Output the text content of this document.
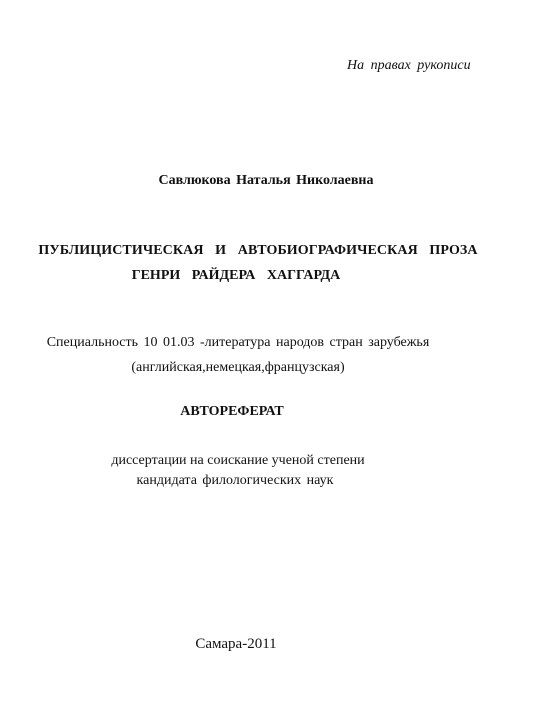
На правах рукописи
Савлюкова Наталья Николаевна
ПУБЛИЦИСТИЧЕСКАЯ И АВТОБИОГРАФИЧЕСКАЯ ПРОЗА
ГЕНРИ РАЙДЕРА ХАГГАРДА
Специальность 10 01.03 -литература народов стран зарубежья
(английская,немецкая,французская)
АВТОРЕФЕРАТ
диссертации на соискание ученой степени
кандидата филологических наук
Самара-2011
